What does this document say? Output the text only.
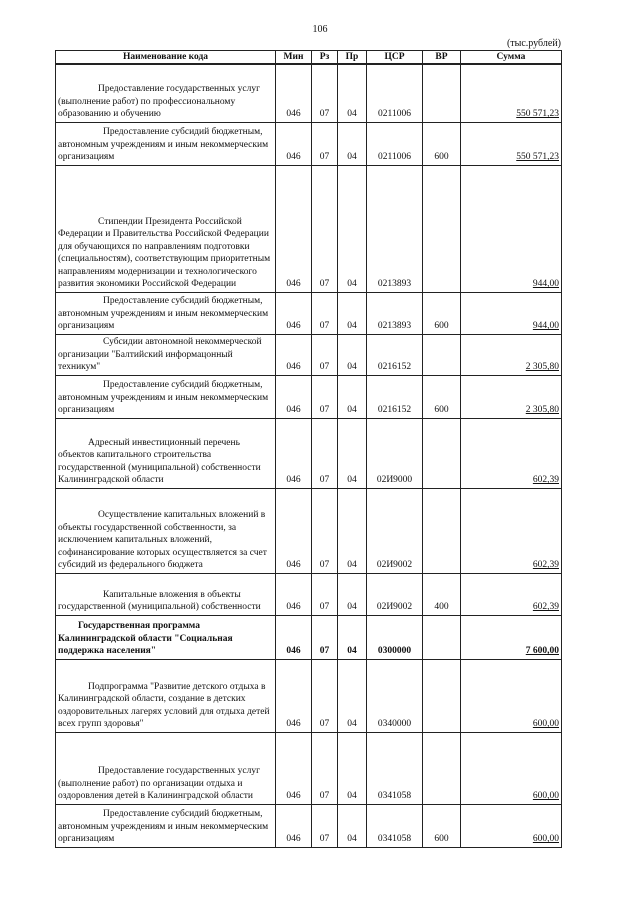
106
(тыс.рублей)
Наименование кода	Мин	Рз	Пр	ЦСР	ВР	Сумма
Предоставление государственных услуг (выполнение работ) по профессиональному образованию и обучению	046	07	04	0211006		550 571,23
Предоставление субсидий бюджетным, автономным учреждениям и иным некоммерческим организациям	046	07	04	0211006	600	550 571,23
Стипендии Президента Российской Федерации и Правительства Российской Федерации для обучающихся по направлениям подготовки (специальностям), соответствующим приоритетным направлениям модернизации и технологического развития экономики Российской Федерации	046	07	04	0213893		944,00
Предоставление субсидий бюджетным, автономным учреждениям и иным некоммерческим организациям	046	07	04	0213893	600	944,00
Субсидии автономной некоммерческой организации "Балтийский информацонный техникум"	046	07	04	0216152		2 305,80
Предоставление субсидий бюджетным, автономным учреждениям и иным некоммерческим организациям	046	07	04	0216152	600	2 305,80
Адресный инвестиционный перечень объектов капитального строительства государственной (муниципальной) собственности Калининградской области	046	07	04	02И9000		602,39
Осуществление капитальных вложений в объекты государственной собственности, за исключением капитальных вложений, софинансирование которых осуществляется за счет субсидий из федерального бюджета	046	07	04	02И9002		602,39
Капитальные вложения в объекты государственной (муниципальной) собственности	046	07	04	02И9002	400	602,39
Государственная программа Калининградской области "Социальная поддержка населения"	046	07	04	0300000		7 600,00
Подпрограмма "Развитие детского отдыха в Калининградской области, создание в детских оздоровительных лагерях условий для отдыха детей всех групп здоровья"	046	07	04	0340000		600,00
Предоставление государственных услуг (выполнение работ) по организации отдыха и оздоровления детей в Калининградской области	046	07	04	0341058		600,00
Предоставление субсидий бюджетным, автономным учреждениям и иным некоммерческим организациям	046	07	04	0341058	600	600,00
